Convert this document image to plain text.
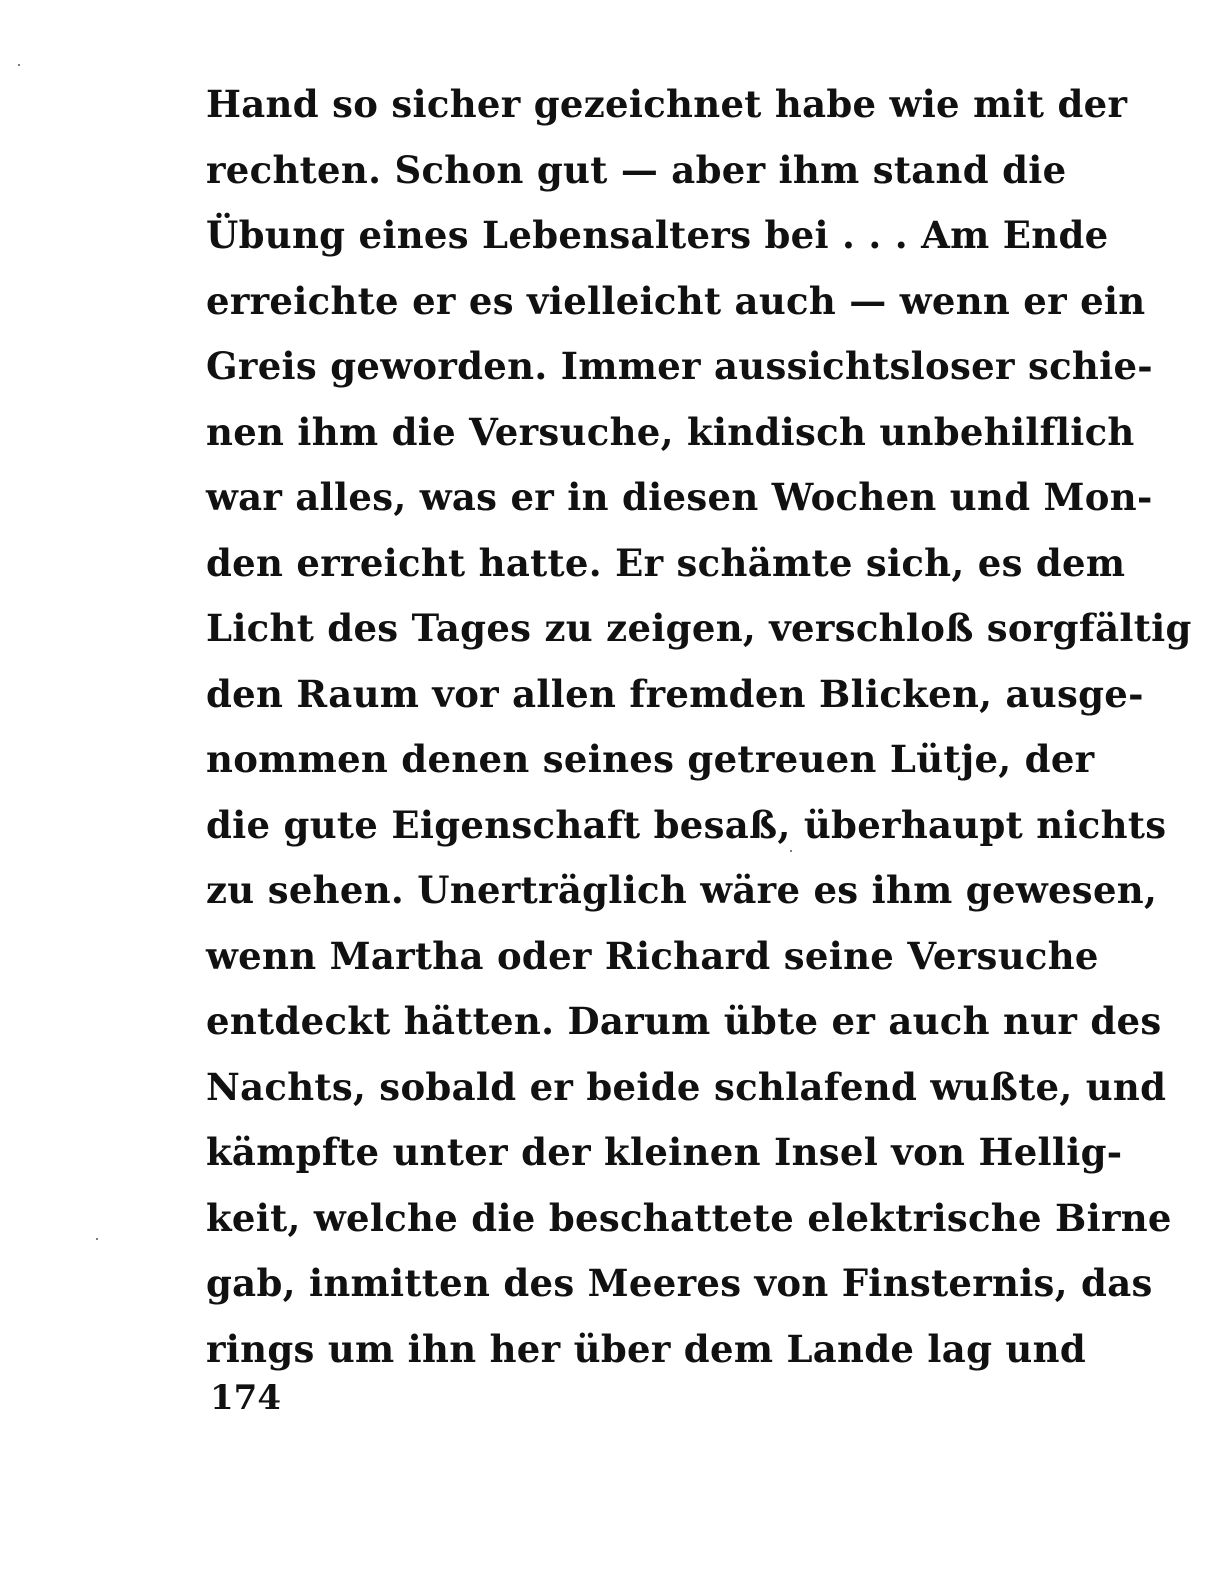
Hand so sicher gezeichnet habe wie mit der
rechten. Schon gut — aber ihm stand die
Übung eines Lebensalters bei . . . Am Ende
erreichte er es vielleicht auch — wenn er ein
Greis geworden. Immer aussichtsloser schie-
nen ihm die Versuche, kindisch unbehilflich
war alles, was er in diesen Wochen und Mon-
den erreicht hatte. Er schämte sich, es dem
Licht des Tages zu zeigen, verschloß sorgfältig
den Raum vor allen fremden Blicken, ausge-
nommen denen seines getreuen Lütje, der
die gute Eigenschaft besaß, überhaupt nichts
zu sehen. Unerträglich wäre es ihm gewesen,
wenn Martha oder Richard seine Versuche
entdeckt hätten. Darum übte er auch nur des
Nachts, sobald er beide schlafend wußte, und
kämpfte unter der kleinen Insel von Hellig-
keit, welche die beschattete elektrische Birne
gab, inmitten des Meeres von Finsternis, das
rings um ihn her über dem Lande lag und
174
